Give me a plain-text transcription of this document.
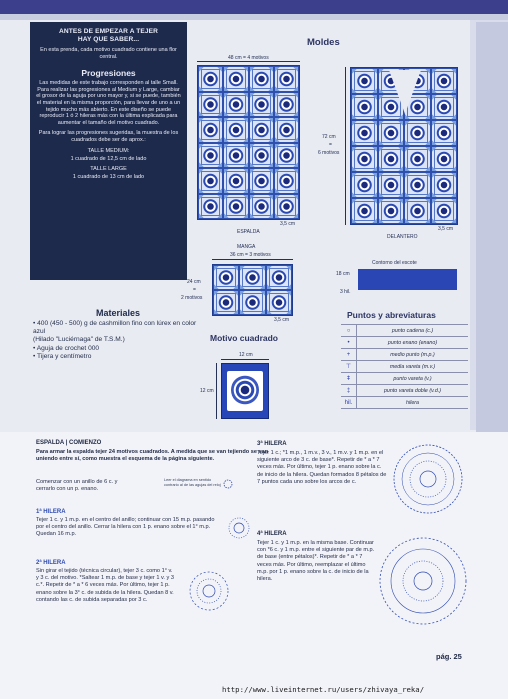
ANTES DE EMPEZAR A TEJER
HAY QUE SABER...
En esta prenda, cada motivo cuadrado contiene una flor central.
Progresiones
Las medidas de este trabajo corresponden al talle Small. Para realizar las progresiones al Medium y Large, cambiar el grosor de la aguja por uno mayor y, si se puede, también el material en la misma proporción, para llevar de uno a un tejido mucho más abierto. En este diseño se puede reproducir 1 ó 2 hileras más con la última explicada para aumentar el tamaño del motivo cuadrado.
Para lograr las progresiones sugeridas, la muestra de los cuadrados debe ser de aprox.:
TALLE MEDIUM:
1 cuadrado de 12,5 cm de lado
TALLE LARGE
1 cuadrado de 13 cm de lado
Materiales
• 400 (450 - 500) g de cashmillon fino con lúrex en color azul
(Hilado "Luciérnaga" de T.S.M.)
• Aguja de crochet 000
• Tijera y centímetro
Moldes
48 cm = 4 motivos
3,5 cm
ESPALDA
72 cm
=
6 motivos
3,5 cm
DELANTERO
MANGA
36 cm = 3 motivos
24 cm
=
2 motivos
3,5 cm
Contorno del escote
18 cm
3 hil.
Puntos y abreviaturas
○	punto cadena (c.)
•	punto enano (enano)
+	medio punto (m.p.)
⊤	media vareta (m.v.)
ǂ	punto vareta (v.)
‡	punto vareta doble (v.d.)
hil.	hilera
Motivo cuadrado
12 cm
12 cm
ESPALDA | COMIENZO
Para armar la espalda tejer 24 motivos cuadrados. A medida que se van tejiendo se van uniendo entre sí, como muestra el esquema de la página siguiente.
Comenzar con un anillo de 6 c. y cerrarlo con un p. enano.
Leer el diagrama en sentido contrario al de las agujas del reloj
1ª HILERA
Tejer 1 c. y 1 m.p. en el centro del anillo; continuar con 15 m.p. pasando por el centro del anillo. Cerrar la hilera con 1 p. enano sobre el 1° m.p. Quedan 16 m.p.
2ª HILERA
Sin girar el tejido (técnica circular), tejer 3 c. como 1° v. y 3 c. del motivo. *Saltear 1 m.p. de base y tejer 1 v. y 3 c.*. Repetir de * a * 6 veces más. Por último, tejer 1 p. enano sobre la 3° c. de subida de la hilera. Quedan 8 v. contando las c. de subida separadas por 3 c.
3ª HILERA
Tejer 1 c.; *1 m.p., 1 m.v., 3 v., 1 m.v. y 1 m.p. en el siguiente arco de 3 c. de base*. Repetir de * a * 7 veces más. Por último, tejer 1 p. enano sobre la c. de inicio de la hilera. Quedan formados 8 pétalos de 7 puntos cada uno sobre los arcos de c.
4ª HILERA
Tejer 1 c. y 1 m.p. en la misma base. Continuar con *6 c. y 1 m.p. entre el siguiente par de m.p. de base (entre pétalos)*. Repetir de * a * 7 veces más. Por último, reemplazar el último m.p. por 1 p. enano sobre la c. de inicio de la hilera.
pág. 25
http://www.liveinternet.ru/users/zhivaya_reka/
